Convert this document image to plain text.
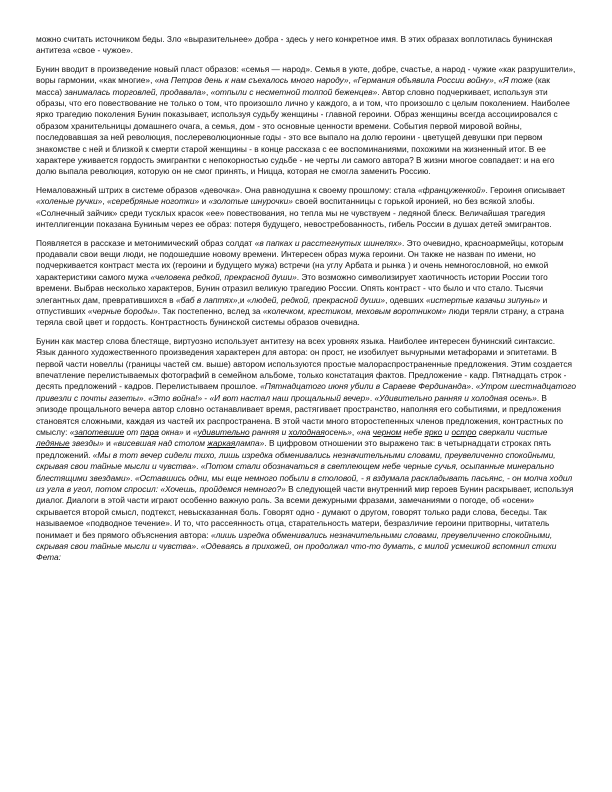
можно считать источником беды. Зло «выразительнее» добра - здесь у него конкретное имя. В этих образах воплотилась бунинская антитеза «свое - чужое».

Бунин вводит в произведение новый пласт образов: «семья — народ». Семья в уюте, добре, счастье, а народ - чужие «как разрушители», воры гармонии, «как многие», «на Петров день к нам съехалось много народу», «Германия объявила России войну», «Я тоже (как масса) занималась торговлей, продавала», «отпыли с несметной толпой беженцев». Автор словно подчеркивает, используя эти образы, что его повествование не только о том, что произошло лично у каждого, а и том, что произошло с целым поколением. Наиболее ярко трагедию поколения Бунин показывает, используя судьбу женщины - главной героини. Образ женщины всегда ассоциировался с образом хранительницы домашнего очага, а семья, дом - это основные ценности времени. События первой мировой войны, последовавшая за ней революция, послереволюционные годы - это все выпало на долю героини - цветущей девушки при первом знакомстве с ней и близкой к смерти старой женщины - в конце рассказа с ее воспоминаниями, похожими на жизненный итог. В ее характере уживается гордость эмигрантки с непокорностью судьбе - не черты ли самого автора? В жизни многое совпадает: и на его долю выпала революция, которую он не смог принять, и Ницца, которая не смогла заменить Россию.

Немаловажный штрих в системе образов «девочка». Она равнодушна к своему прошлому: стала «француженкой». Героиня описывает «холеные ручки», «серебряные ноготки» и «золотые шнурочки» своей воспитанницы с горькой иронией, но без всякой злобы. «Солнечный зайчик» среди тусклых красок «ее» повествования, но тепла мы не чувствуем - ледяной блеск. Величайшая трагедия интеллигенции показана Буниным через ее образ: потеря будущего, невостребованность, гибель России в душах детей эмигрантов.

Появляется в рассказе и метонимический образ солдат «в папках и расстегнутых шинелях». Это очевидно, красноармейцы, которым продавали свои вещи люди, не подошедшие новому времени. Интересен образ мужа героини. Он также не назван по имени, но подчеркивается контраст места их (героини и будущего мужа) встречи (на углу Арбата и рынка ) и очень немногословной, но емкой характеристики самого мужа «человека редкой, прекрасной души». Это возможно символизирует хаотичность истории России того времени. Выбрав несколько характеров, Бунин отразил великую трагедию России. Опять контраст - что было и что стало. Тысячи элегантных дам, превратившихся в «баб в лаптях»,и «людей, редкой, прекрасной души», одевших «истертые казачьи зипуны» и отпустивших «черные бороды». Так постепенно, вслед за «колечком, крестиком, меховым воротником» люди теряли страну, а страна теряла свой цвет и гордость. Контрастность бунинской системы образов очевидна.

Бунин как мастер слова блестяще, виртуозно использует антитезу на всех уровнях языка. Наиболее интересен бунинский синтаксис. Язык данного художественного произведения характерен для автора: он прост, не изобилует вычурными метафорами и эпитетами. В первой части новеллы (границы частей см. выше) автором используются простые малораспространенные предложения. Этим создается впечатление перелистываемых фотографий в семейном альбоме, только констатация фактов. Предложение - кадр. Пятнадцать строк - десять предложений - кадров. Перелистываем прошлое. «Пятнадцатого июня убили в Сараеве Фердинанда». «Утром шестнадцатого привезли с почты газеты». «Это война!» - «И вот настал наш прощальный вечер». «Удивительно ранняя и холодная осень». В эпизоде прощального вечера автор словно останавливает время, растягивает пространство, наполняя его событиями, и предложения становятся сложными, каждая из частей их распространена. В этой части много второстепенных членов предложения, контрастных по смыслу: «запотевшие от пара окна» и «удивительно ранняя и холоднаяосень», «на черном небе ярко и остро сверкали чистые ледяные звезды» и «висевшая над столом жаркаялампа». В цифровом отношении это выражено так: в четырнадцати строках пять предложений. «Мы в тот вечер сидели тихо, лишь изредка обменивались незначительными словами, преувеличенно спокойными, скрывая свои тайные мысли и чувства». «Потом стали обозначаться в светлеющем небе черные сучья, осыпанные минерально блестящими звездами». «Оставшись одни, мы еще немного побыли в столовой, - я вздумала раскладывать пасьянс, - он молча ходил из угла в угол, потом спросил: «Хочешь, пройдемся немного?» В следующей части внутренний мир героев Бунин раскрывает, используя диалог. Диалоги в этой части играют особенно важную роль. За всеми дежурными фразами, замечаниями о погоде, об «осени» скрывается второй смысл, подтекст, невысказанная боль. Говорят одно - думают о другом, говорят только ради слова, беседы. Так называемое «подводное течение». И то, что рассеянность отца, старательность матери, безразличие героини притворны, читатель понимает и без прямого объяснения автора: «лишь изредка обменивались незначительными словами, преувеличенно спокойными, скрывая свои тайные мысли и чувства». «Одеваясь в прихожей, он продолжал что-то думать, с милой усмешкой вспомнил стихи Фета:
